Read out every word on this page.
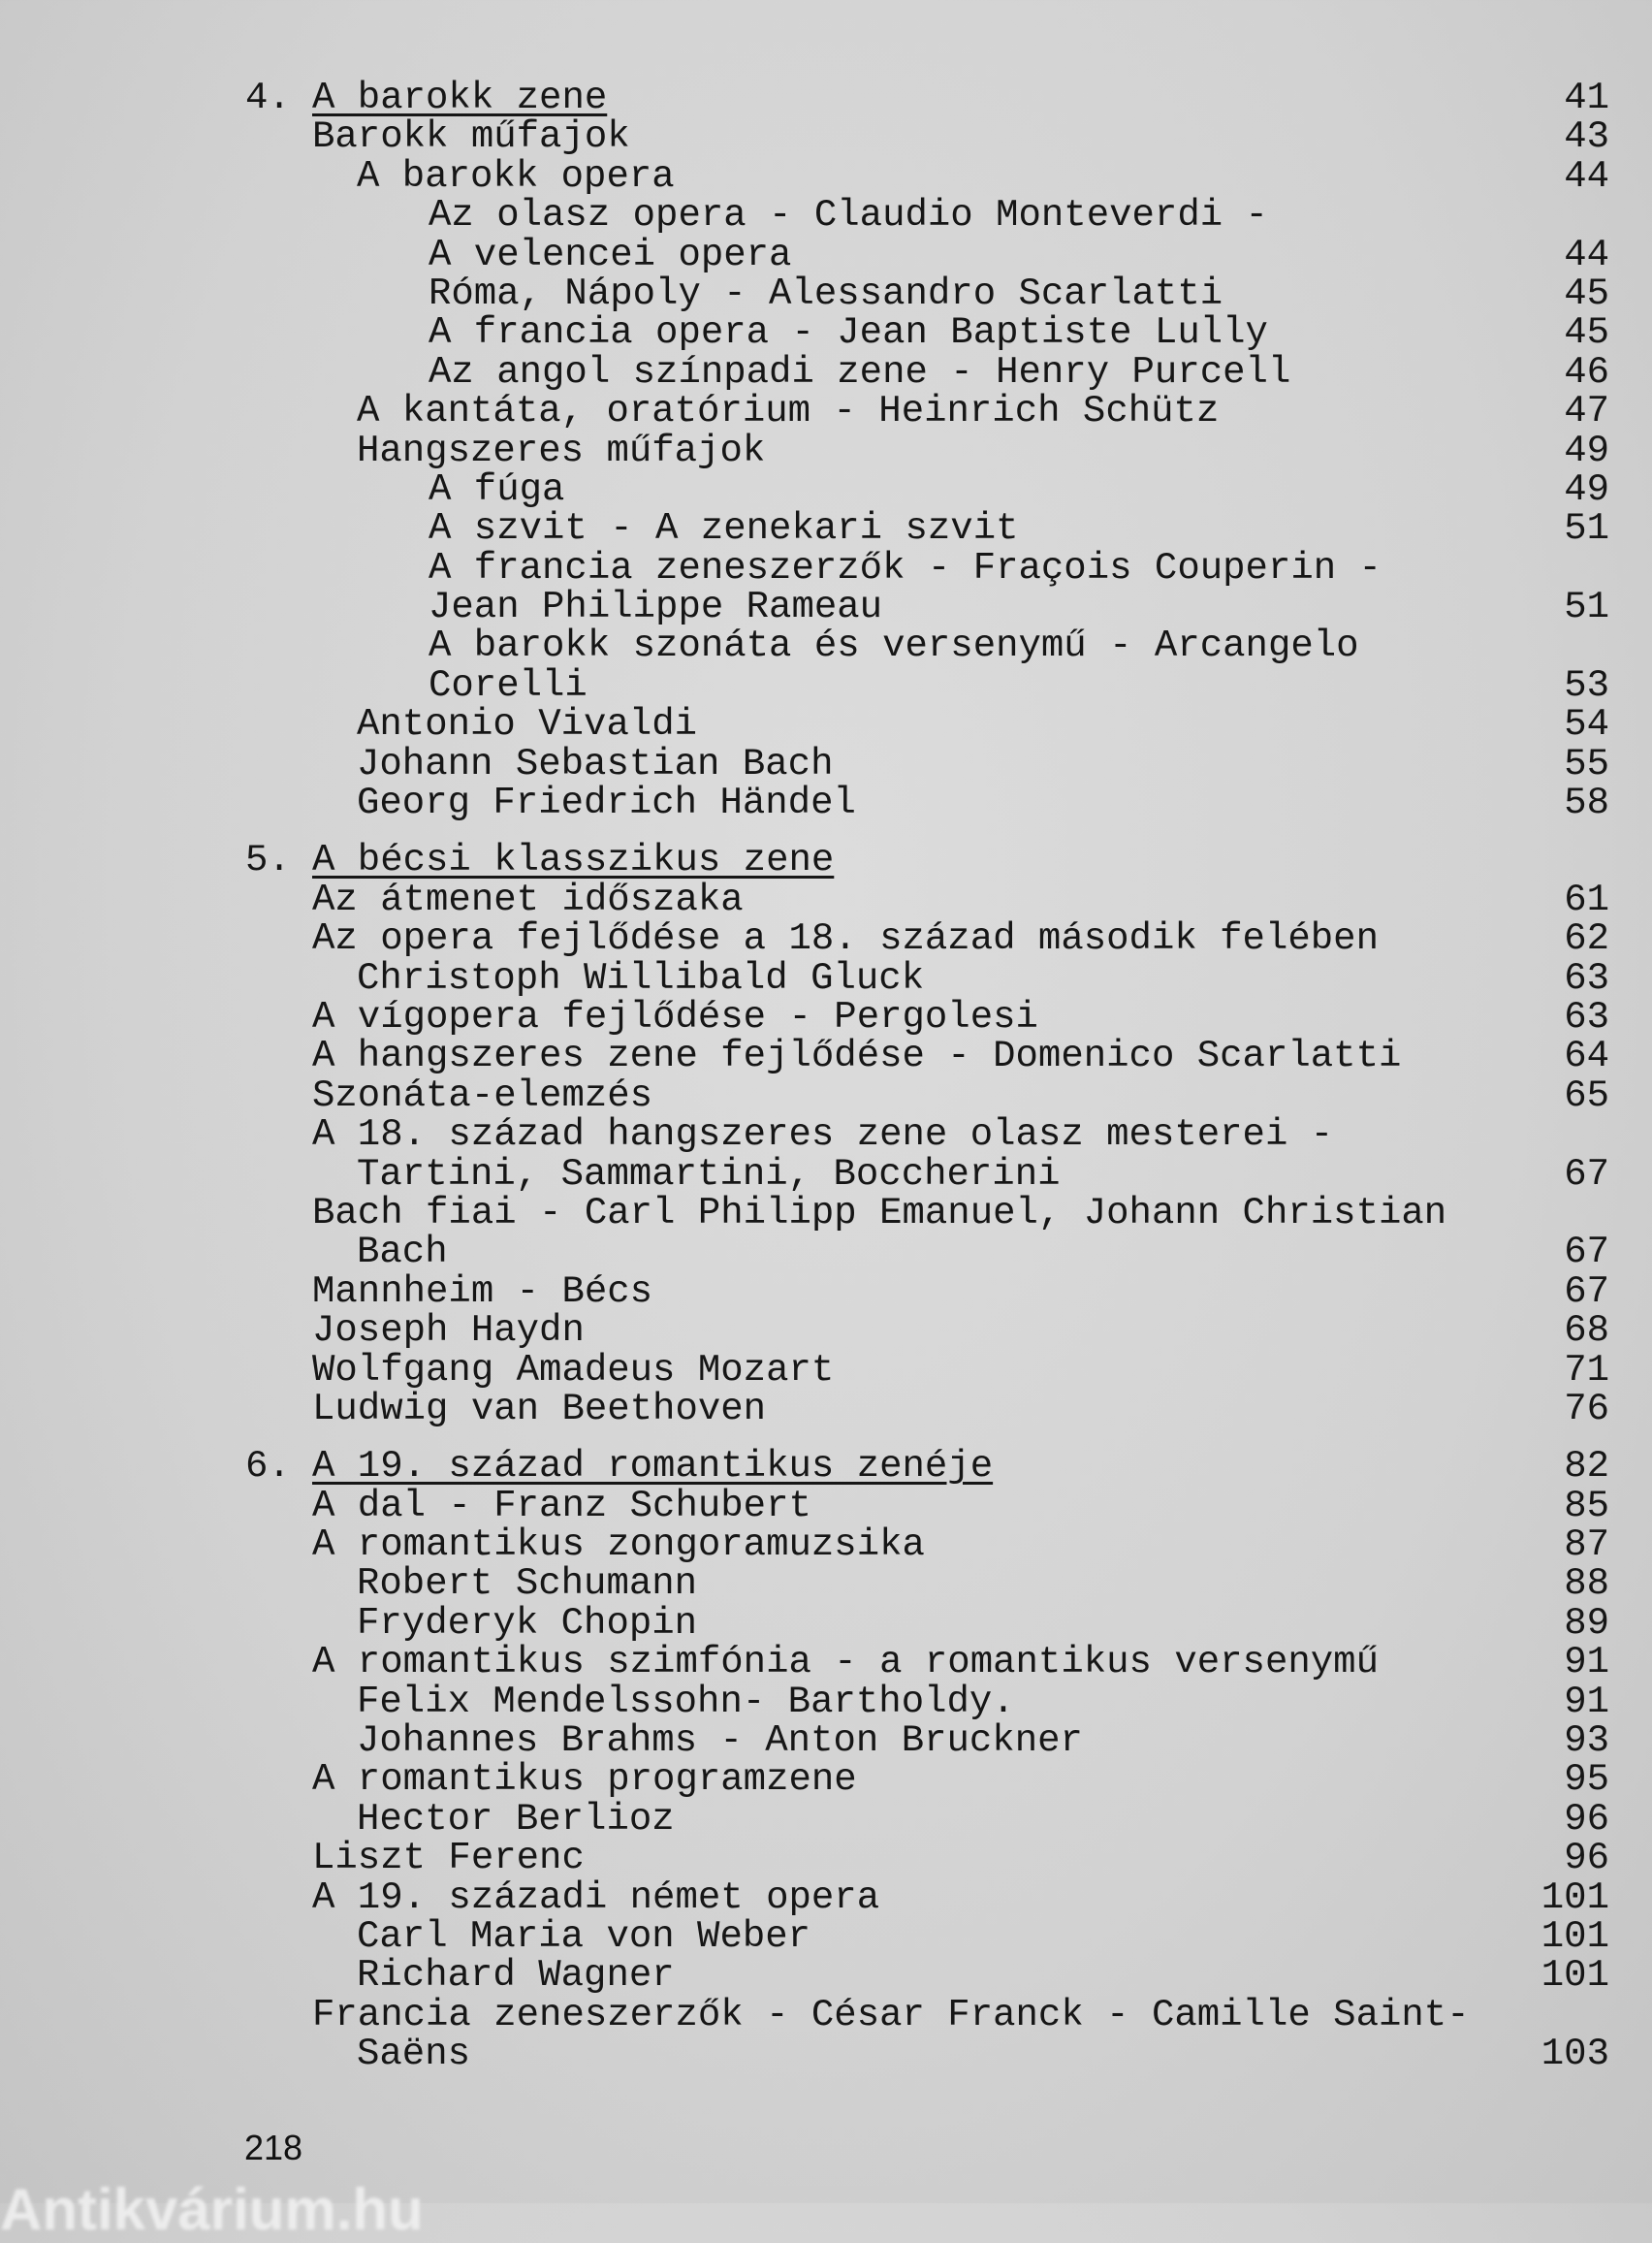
4. A barokk zene .....	41
Barokk műfajok .....	43
A barokk opera .....	44
Az olasz opera - Claudio Monteverdi -
A velencei opera .....	44
Róma, Nápoly - Alessandro Scarlatti .....	45
A francia opera - Jean Baptiste Lully .....	45
Az angol színpadi zene - Henry Purcell .....	46
A kantáta, oratórium - Heinrich Schütz .....	47
Hangszeres műfajok .....	49
A fúga .....	49
A szvit - A zenekari szvit .....	51
A francia zeneszerzők - Fraçois Couperin -
Jean Philippe Rameau .....	51
A barokk szonáta és versenymű - Arcangelo
Corelli .....	53
Antonio Vivaldi .....	54
Johann Sebastian Bach .....	55
Georg Friedrich Händel .....	58
5. A bécsi klasszikus zene
Az átmenet időszaka .....	61
Az opera fejlődése a 18. század második felében .....	62
Christoph Willibald Gluck .....	63
A vígopera fejlődése - Pergolesi .....	63
A hangszeres zene fejlődése - Domenico Scarlatti .....	64
Szonáta-elemzés .....	65
A 18. század hangszeres zene olasz mesterei -
Tartini, Sammartini, Boccherini .....	67
Bach fiai - Carl Philipp Emanuel, Johann Christian
Bach .....	67
Mannheim - Bécs .....	67
Joseph Haydn .....	68
Wolfgang Amadeus Mozart .....	71
Ludwig van Beethoven .....	76
6. A 19. század romantikus zenéje .....	82
A dal - Franz Schubert .....	85
A romantikus zongoramuzsika .....	87
Robert Schumann .....	88
Fryderyk Chopin .....	89
A romantikus szimfónia - a romantikus versenymű .....	91
Felix Mendelssohn- Bartholdy.	91
Johannes Brahms - Anton Bruckner .....	93
A romantikus programzene .....	95
Hector Berlioz .....	96
Liszt Ferenc .....	96
A 19. századi német opera .....	101
Carl Maria von Weber .....	101
Richard Wagner .....	101
Francia zeneszerzők - César Franck - Camille Saint-
Saëns .....	103
218
Antikvárium.hu
